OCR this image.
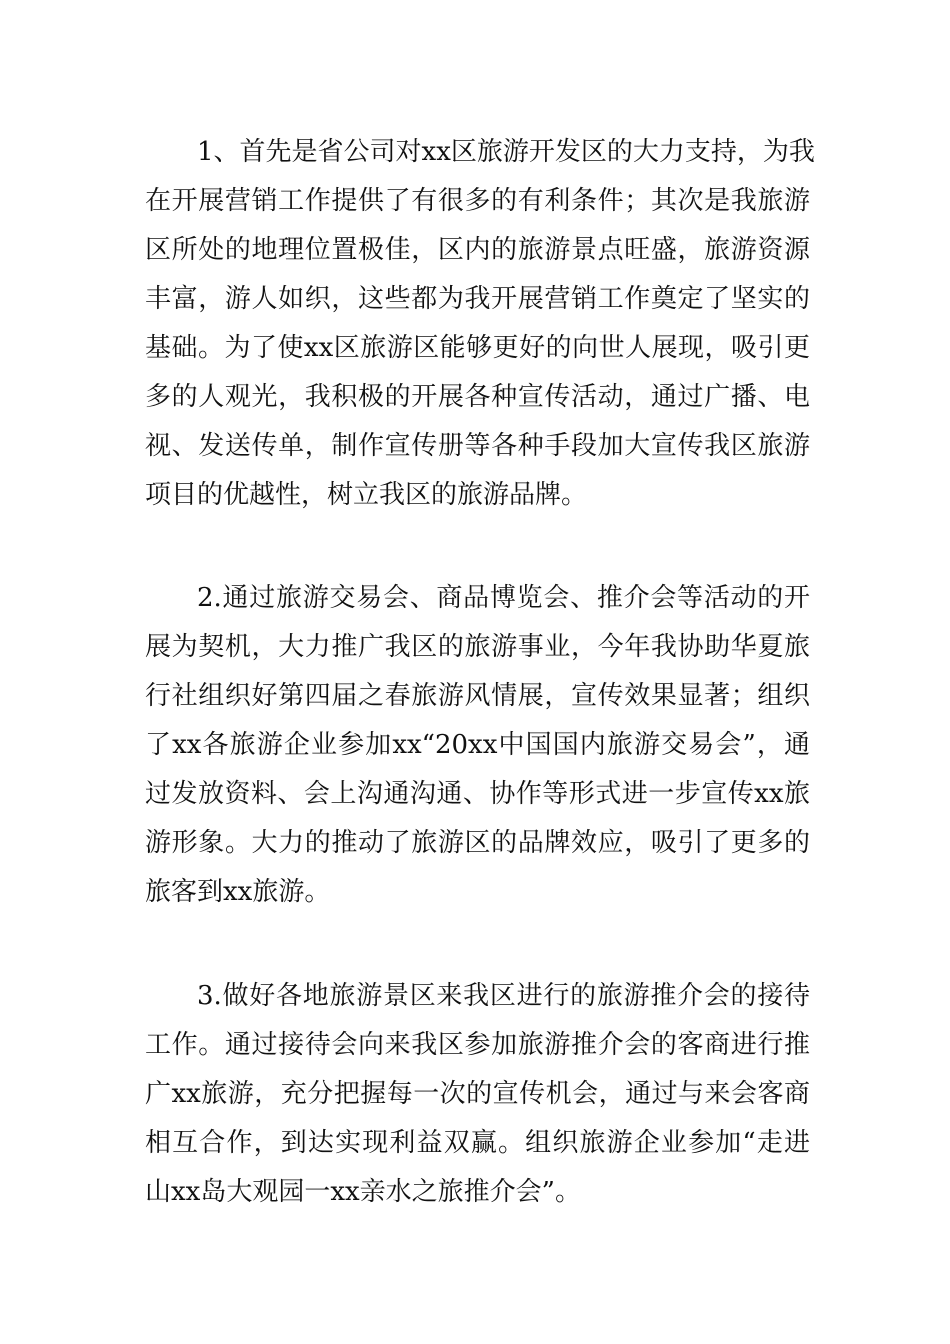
1、首先是省公司对xx区旅游开发区的大力支持，为我
在开展营销工作提供了有很多的有利条件；其次是我旅游
区所处的地理位置极佳，区内的旅游景点旺盛，旅游资源
丰富，游人如织，这些都为我开展营销工作奠定了坚实的
基础。为了使xx区旅游区能够更好的向世人展现，吸引更
多的人观光，我积极的开展各种宣传活动，通过广播、电
视、发送传单，制作宣传册等各种手段加大宣传我区旅游
项目的优越性，树立我区的旅游品牌。
2.通过旅游交易会、商品博览会、推介会等活动的开
展为契机，大力推广我区的旅游事业，今年我协助华夏旅
行社组织好第四届之春旅游风情展，宣传效果显著；组织
了xx各旅游企业参加xx“20xx中国国内旅游交易会”，通
过发放资料、会上沟通沟通、协作等形式进一步宣传xx旅
游形象。大力的推动了旅游区的品牌效应，吸引了更多的
旅客到xx旅游。
3.做好各地旅游景区来我区进行的旅游推介会的接待
工作。通过接待会向来我区参加旅游推介会的客商进行推
广xx旅游，充分把握每一次的宣传机会，通过与来会客商
相互合作，到达实现利益双赢。组织旅游企业参加“走进
山xx岛大观园一xx亲水之旅推介会”。
